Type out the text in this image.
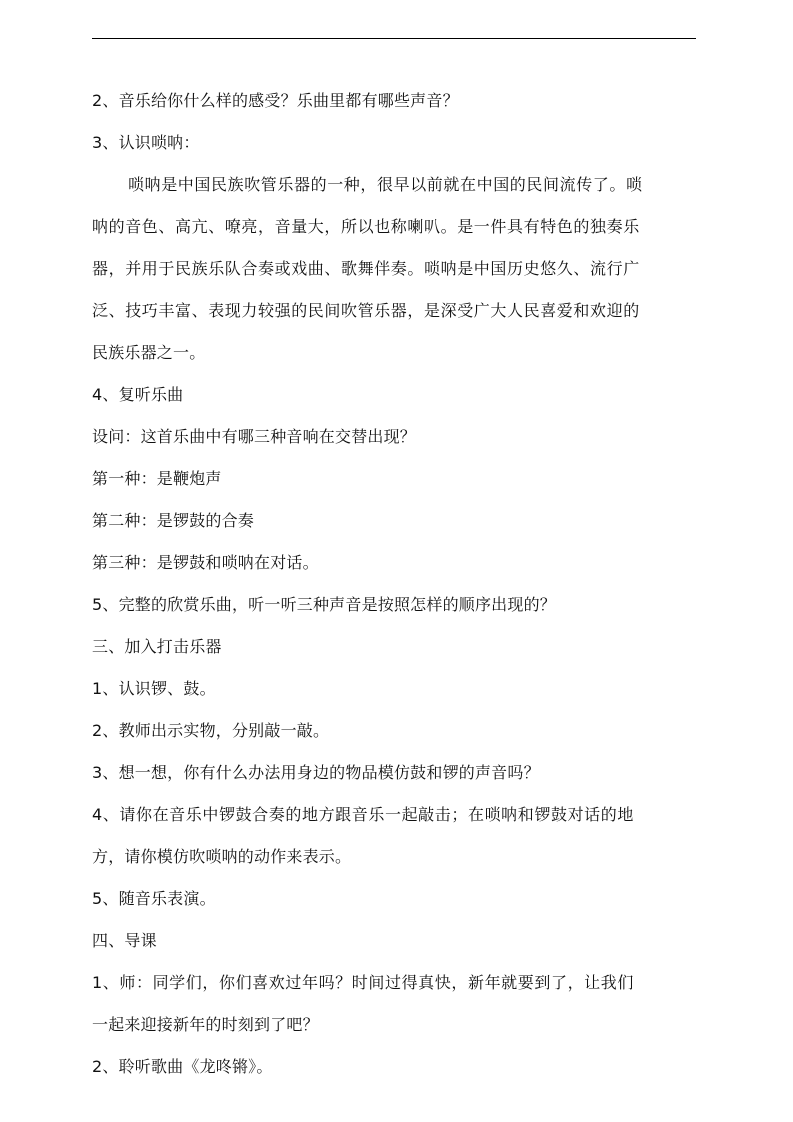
2、音乐给你什么样的感受？乐曲里都有哪些声音？
3、认识唢呐：
唢呐是中国民族吹管乐器的一种，很早以前就在中国的民间流传了。唢
呐的音色、高亢、嘹亮，音量大，所以也称喇叭。是一件具有特色的独奏乐
器，并用于民族乐队合奏或戏曲、歌舞伴奏。唢呐是中国历史悠久、流行广
泛、技巧丰富、表现力较强的民间吹管乐器，是深受广大人民喜爱和欢迎的
民族乐器之一。
4、复听乐曲
设问：这首乐曲中有哪三种音响在交替出现？
第一种：是鞭炮声
第二种：是锣鼓的合奏
第三种：是锣鼓和唢呐在对话。
5、完整的欣赏乐曲，听一听三种声音是按照怎样的顺序出现的？
三、加入打击乐器
1、认识锣、鼓。
2、教师出示实物，分别敲一敲。
3、想一想，你有什么办法用身边的物品模仿鼓和锣的声音吗？
4、请你在音乐中锣鼓合奏的地方跟音乐一起敲击；在唢呐和锣鼓对话的地
方，请你模仿吹唢呐的动作来表示。
5、随音乐表演。
四、导课
1、师：同学们，你们喜欢过年吗？时间过得真快，新年就要到了，让我们
一起来迎接新年的时刻到了吧？
2、聆听歌曲《龙咚锵》。
